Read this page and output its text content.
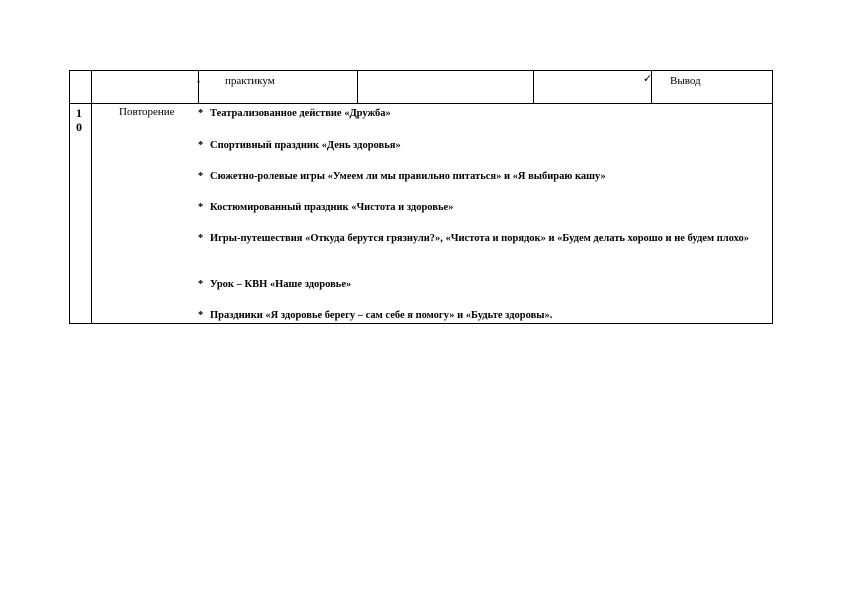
• практикум	✓ Вывод
1
0
Повторение * Театрализованное действие «Дружба»
* Спортивный праздник «День здоровья»
* Сюжетно-ролевые игры «Умеем ли мы правильно питаться» и «Я выбираю кашу»
* Костюмированный праздник «Чистота и здоровье»
* Игры-путешествия «Откуда берутся грязнули?», «Чистота и порядок» и «Будем делать хорошо и не будем плохо»
* Урок – КВН «Наше здоровье»
* Праздники «Я здоровье берегу – сам себе я помогу» и «Будьте здоровы».
